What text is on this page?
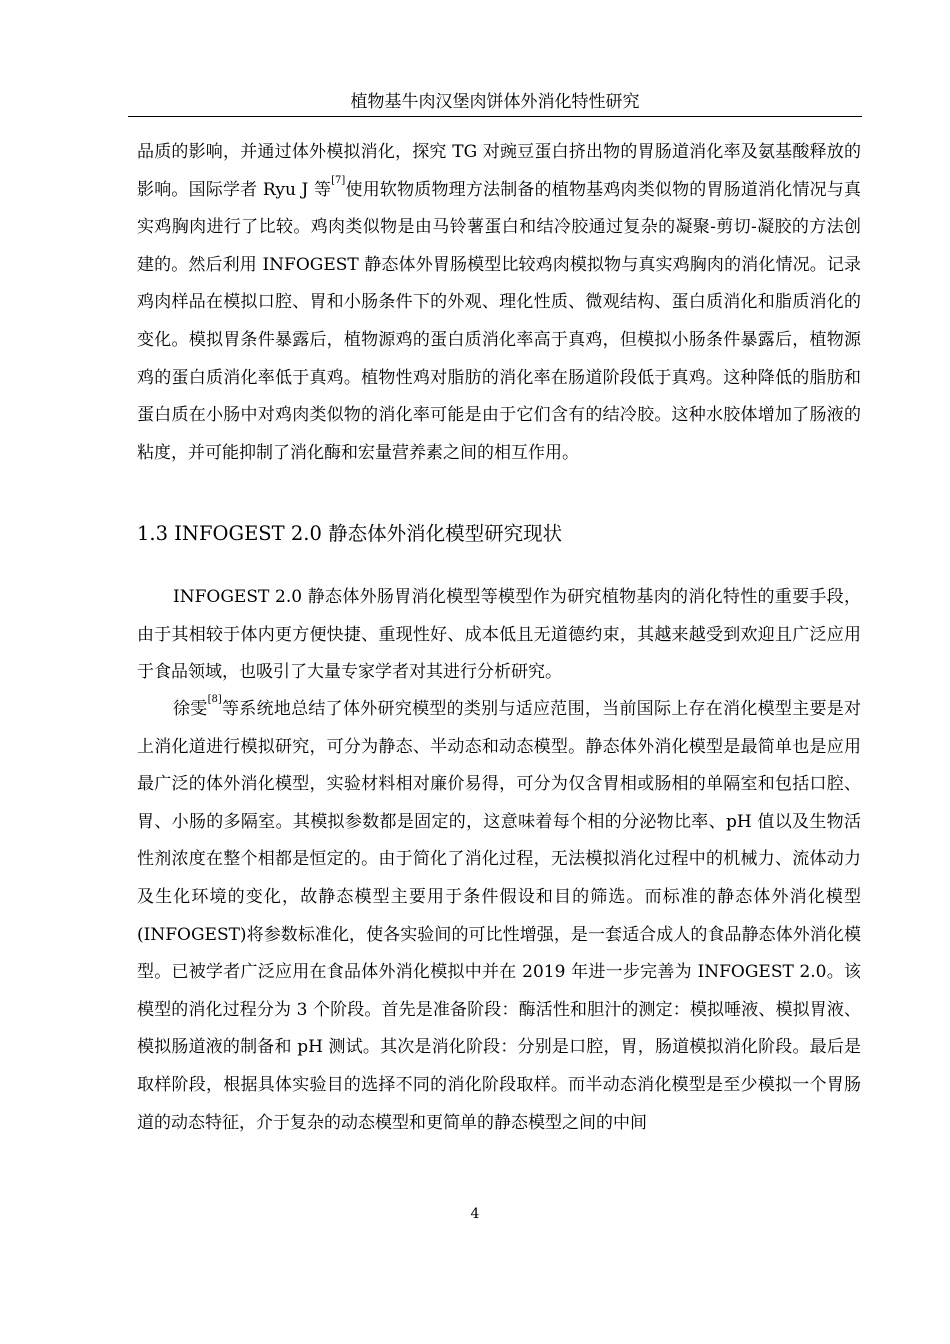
植物基牛肉汉堡肉饼体外消化特性研究

品质的影响，并通过体外模拟消化，探究 TG 对豌豆蛋白挤出物的胃肠道消化率及氨基酸释放的影响。国际学者 Ryu J 等[7]使用软物质物理方法制备的植物基鸡肉类似物的胃肠道消化情况与真实鸡胸肉进行了比较。鸡肉类似物是由马铃薯蛋白和结冷胶通过复杂的凝聚-剪切-凝胶的方法创建的。然后利用 INFOGEST 静态体外胃肠模型比较鸡肉模拟物与真实鸡胸肉的消化情况。记录鸡肉样品在模拟口腔、胃和小肠条件下的外观、理化性质、微观结构、蛋白质消化和脂质消化的变化。模拟胃条件暴露后，植物源鸡的蛋白质消化率高于真鸡，但模拟小肠条件暴露后，植物源鸡的蛋白质消化率低于真鸡。植物性鸡对脂肪的消化率在肠道阶段低于真鸡。这种降低的脂肪和蛋白质在小肠中对鸡肉类似物的消化率可能是由于它们含有的结冷胶。这种水胶体增加了肠液的粘度，并可能抑制了消化酶和宏量营养素之间的相互作用。

1.3 INFOGEST 2.0 静态体外消化模型研究现状

INFOGEST 2.0 静态体外肠胃消化模型等模型作为研究植物基肉的消化特性的重要手段，由于其相较于体内更方便快捷、重现性好、成本低且无道德约束，其越来越受到欢迎且广泛应用于食品领域，也吸引了大量专家学者对其进行分析研究。

徐雯[8]等系统地总结了体外研究模型的类别与适应范围，当前国际上存在消化模型主要是对上消化道进行模拟研究，可分为静态、半动态和动态模型。静态体外消化模型是最简单也是应用最广泛的体外消化模型，实验材料相对廉价易得，可分为仅含胃相或肠相的单隔室和包括口腔、胃、小肠的多隔室。其模拟参数都是固定的，这意味着每个相的分泌物比率、pH 值以及生物活性剂浓度在整个相都是恒定的。由于简化了消化过程，无法模拟消化过程中的机械力、流体动力及生化环境的变化，故静态模型主要用于条件假设和目的筛选。而标准的静态体外消化模型(INFOGEST)将参数标准化，使各实验间的可比性增强，是一套适合成人的食品静态体外消化模型。已被学者广泛应用在食品体外消化模拟中并在 2019 年进一步完善为 INFOGEST 2.0。该模型的消化过程分为 3 个阶段。首先是准备阶段：酶活性和胆汁的测定：模拟唾液、模拟胃液、模拟肠道液的制备和 pH 测试。其次是消化阶段：分别是口腔，胃，肠道模拟消化阶段。最后是取样阶段，根据具体实验目的选择不同的消化阶段取样。而半动态消化模型是至少模拟一个胃肠道的动态特征，介于复杂的动态模型和更简单的静态模型之间的中间

4
